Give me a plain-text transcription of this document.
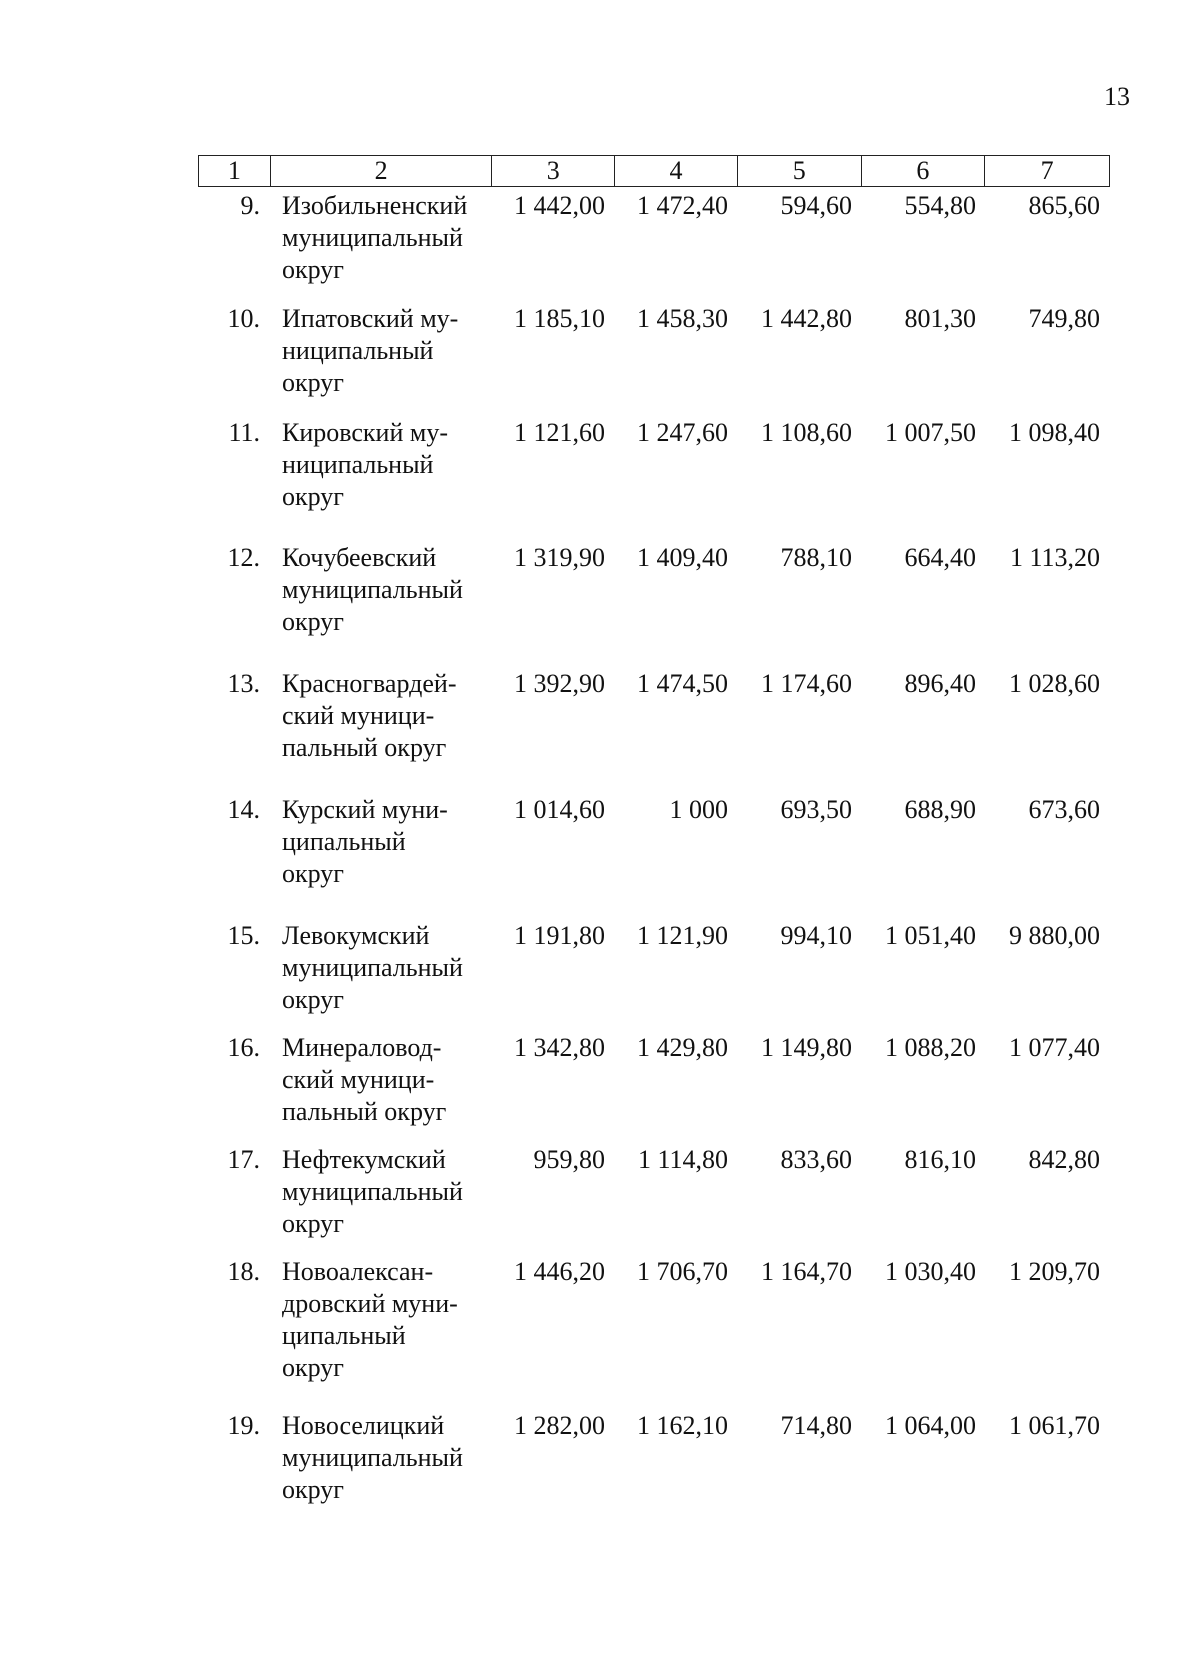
13
1	2	3	4	5	6	7
9. Изобильненский
муниципальный
округ
1 442,00	1 472,40	594,60	554,80	865,60
10. Ипатовский му-
ниципальный
округ
1 185,10	1 458,30	1 442,80	801,30	749,80
11. Кировский му-
ниципальный
округ
1 121,60	1 247,60	1 108,60	1 007,50	1 098,40
12. Кочубеевский
муниципальный
округ
1 319,90	1 409,40	788,10	664,40	1 113,20
13. Красногвардей-
ский муници-
пальный округ
1 392,90	1 474,50	1 174,60	896,40	1 028,60
14. Курский муни-
ципальный
округ
1 014,60	1 000	693,50	688,90	673,60
15. Левокумский
муниципальный
округ
1 191,80	1 121,90	994,10	1 051,40	9 880,00
16. Минераловод-
ский муници-
пальный округ
1 342,80	1 429,80	1 149,80	1 088,20	1 077,40
17. Нефтекумский
муниципальный
округ
959,80	1 114,80	833,60	816,10	842,80
18. Новоалексан-
дровский муни-
ципальный
округ
1 446,20	1 706,70	1 164,70	1 030,40	1 209,70
19. Новоселицкий
муниципальный
округ
1 282,00	1 162,10	714,80	1 064,00	1 061,70
